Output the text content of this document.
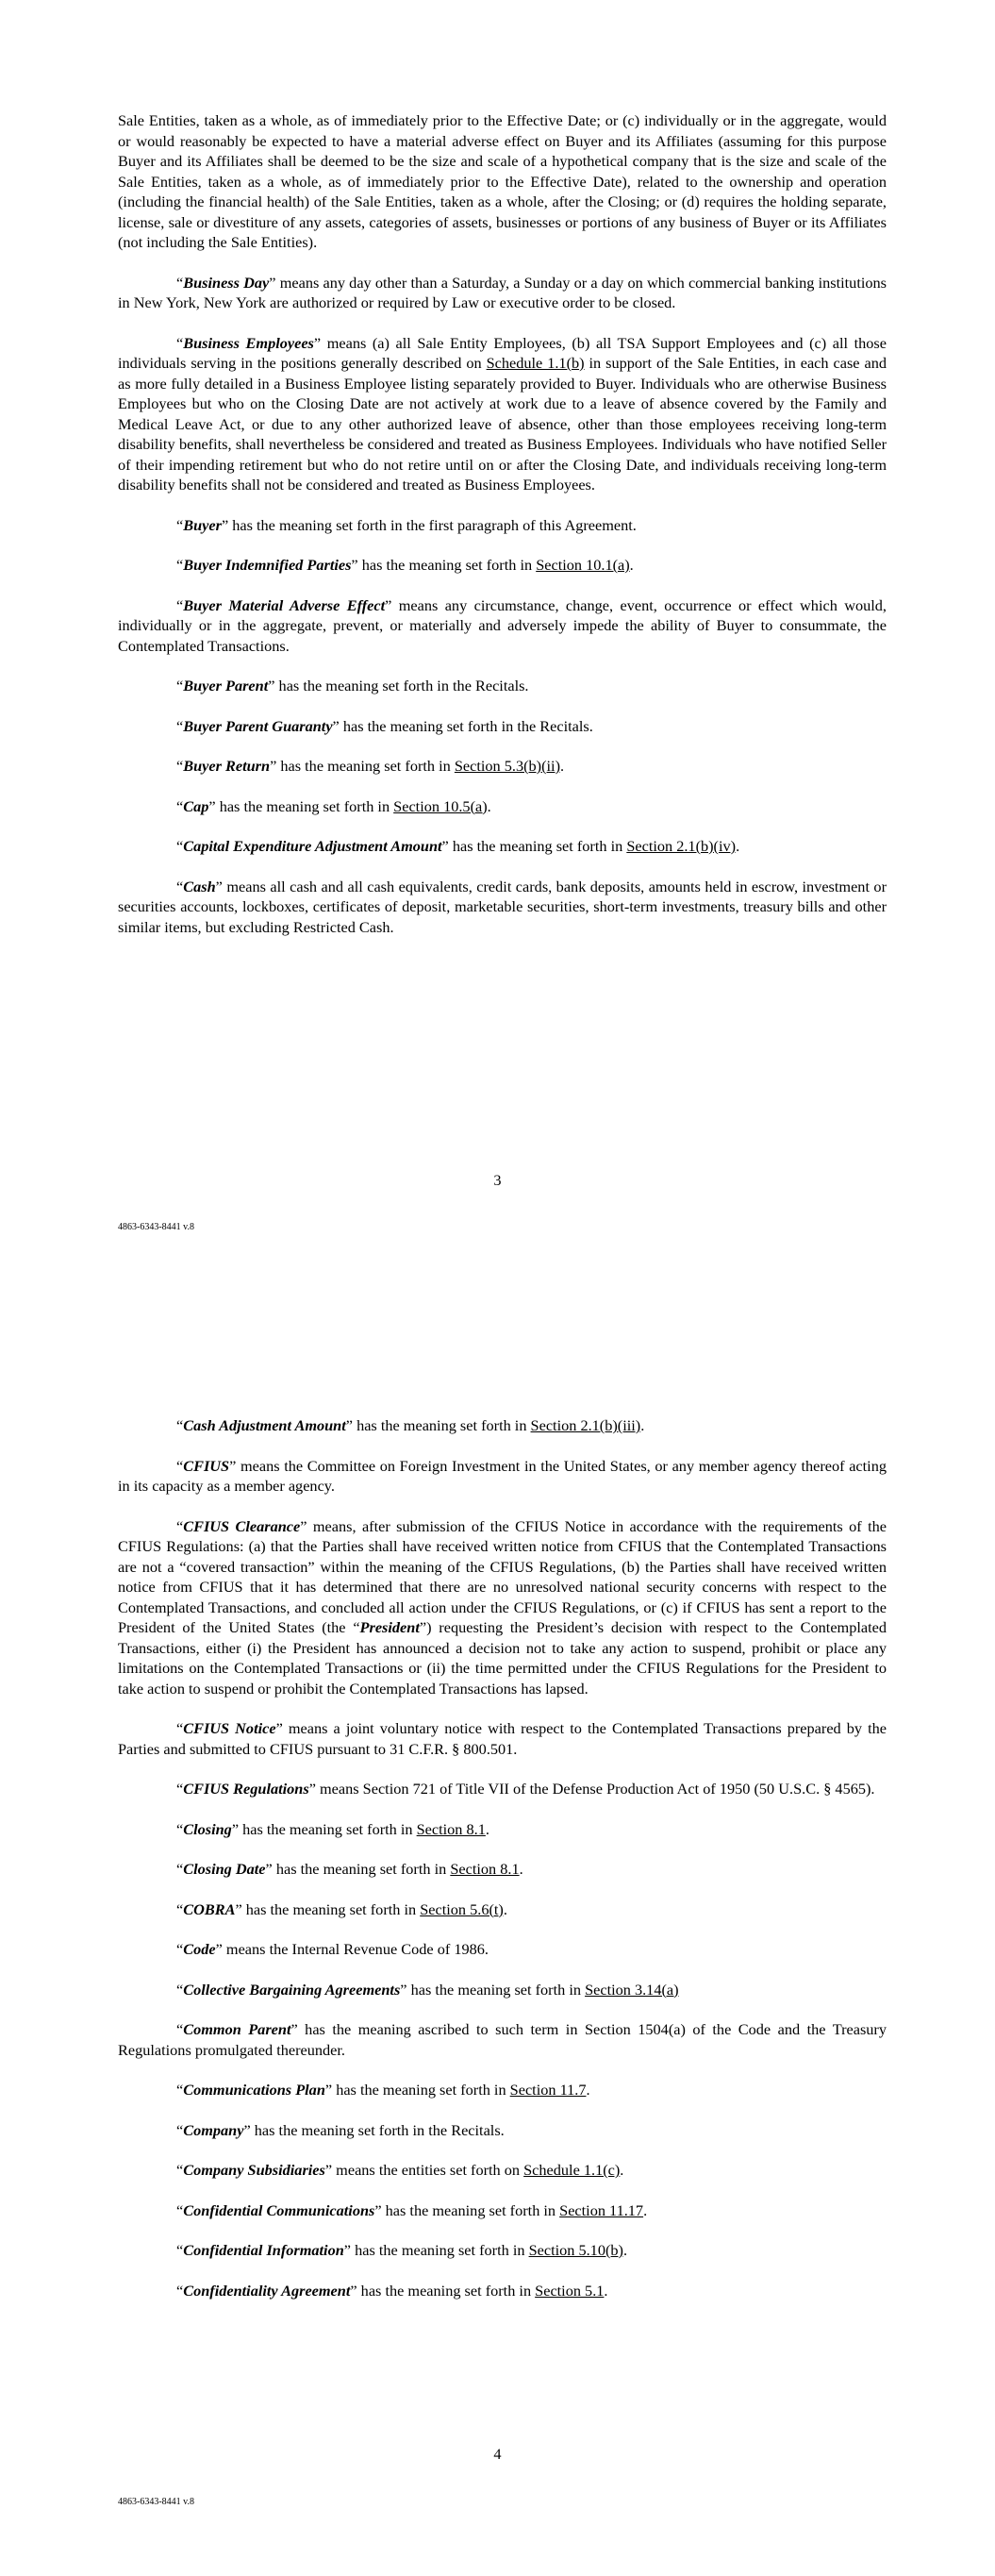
Sale Entities, taken as a whole, as of immediately prior to the Effective Date; or (c) individually or in the aggregate, would or would reasonably be expected to have a material adverse effect on Buyer and its Affiliates (assuming for this purpose Buyer and its Affiliates shall be deemed to be the size and scale of a hypothetical company that is the size and scale of the Sale Entities, taken as a whole, as of immediately prior to the Effective Date), related to the ownership and operation (including the financial health) of the Sale Entities, taken as a whole, after the Closing; or (d) requires the holding separate, license, sale or divestiture of any assets, categories of assets, businesses or portions of any business of Buyer or its Affiliates (not including the Sale Entities).

“Business Day” means any day other than a Saturday, a Sunday or a day on which commercial banking institutions in New York, New York are authorized or required by Law or executive order to be closed.

“Business Employees” means (a) all Sale Entity Employees, (b) all TSA Support Employees and (c) all those individuals serving in the positions generally described on Schedule 1.1(b) in support of the Sale Entities, in each case and as more fully detailed in a Business Employee listing separately provided to Buyer. Individuals who are otherwise Business Employees but who on the Closing Date are not actively at work due to a leave of absence covered by the Family and Medical Leave Act, or due to any other authorized leave of absence, other than those employees receiving long-term disability benefits, shall nevertheless be considered and treated as Business Employees. Individuals who have notified Seller of their impending retirement but who do not retire until on or after the Closing Date, and individuals receiving long-term disability benefits shall not be considered and treated as Business Employees.

“Buyer” has the meaning set forth in the first paragraph of this Agreement.

“Buyer Indemnified Parties” has the meaning set forth in Section 10.1(a).

“Buyer Material Adverse Effect” means any circumstance, change, event, occurrence or effect which would, individually or in the aggregate, prevent, or materially and adversely impede the ability of Buyer to consummate, the Contemplated Transactions.

“Buyer Parent” has the meaning set forth in the Recitals.

“Buyer Parent Guaranty” has the meaning set forth in the Recitals.

“Buyer Return” has the meaning set forth in Section 5.3(b)(ii).

“Cap” has the meaning set forth in Section 10.5(a).

“Capital Expenditure Adjustment Amount” has the meaning set forth in Section 2.1(b)(iv).

“Cash” means all cash and all cash equivalents, credit cards, bank deposits, amounts held in escrow, investment or securities accounts, lockboxes, certificates of deposit, marketable securities, short-term investments, treasury bills and other similar items, but excluding Restricted Cash.

3
4863-6343-8441 v.8

“Cash Adjustment Amount” has the meaning set forth in Section 2.1(b)(iii).

“CFIUS” means the Committee on Foreign Investment in the United States, or any member agency thereof acting in its capacity as a member agency.

“CFIUS Clearance” means, after submission of the CFIUS Notice in accordance with the requirements of the CFIUS Regulations: (a) that the Parties shall have received written notice from CFIUS that the Contemplated Transactions are not a “covered transaction” within the meaning of the CFIUS Regulations, (b) the Parties shall have received written notice from CFIUS that it has determined that there are no unresolved national security concerns with respect to the Contemplated Transactions, and concluded all action under the CFIUS Regulations, or (c) if CFIUS has sent a report to the President of the United States (the “President”) requesting the President’s decision with respect to the Contemplated Transactions, either (i) the President has announced a decision not to take any action to suspend, prohibit or place any limitations on the Contemplated Transactions or (ii) the time permitted under the CFIUS Regulations for the President to take action to suspend or prohibit the Contemplated Transactions has lapsed.

“CFIUS Notice” means a joint voluntary notice with respect to the Contemplated Transactions prepared by the Parties and submitted to CFIUS pursuant to 31 C.F.R. § 800.501.

“CFIUS Regulations” means Section 721 of Title VII of the Defense Production Act of 1950 (50 U.S.C. § 4565).

“Closing” has the meaning set forth in Section 8.1.

“Closing Date” has the meaning set forth in Section 8.1.

“COBRA” has the meaning set forth in Section 5.6(t).

“Code” means the Internal Revenue Code of 1986.

“Collective Bargaining Agreements” has the meaning set forth in Section 3.14(a)

“Common Parent” has the meaning ascribed to such term in Section 1504(a) of the Code and the Treasury Regulations promulgated thereunder.

“Communications Plan” has the meaning set forth in Section 11.7.

“Company” has the meaning set forth in the Recitals.

“Company Subsidiaries” means the entities set forth on Schedule 1.1(c).

“Confidential Communications” has the meaning set forth in Section 11.17.

“Confidential Information” has the meaning set forth in Section 5.10(b).

“Confidentiality Agreement” has the meaning set forth in Section 5.1.

4
4863-6343-8441 v.8
